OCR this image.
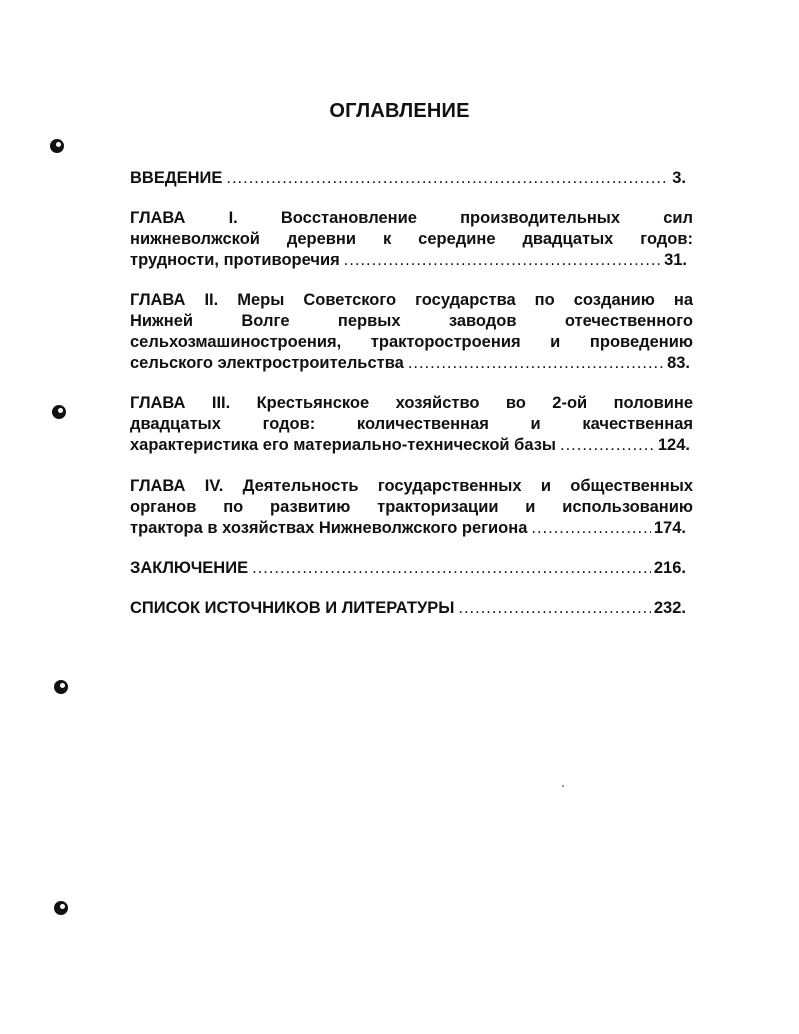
ОГЛАВЛЕНИЕ
ВВЕДЕНИЕ .....	3.
ГЛАВА I. Восстановление производительных сил
нижневолжской деревни к середине двадцатых годов:
трудности, противоречия .....	31.
ГЛАВА II. Меры Советского государства по созданию на
Нижней Волге первых заводов отечественного
сельхозмашиностроения, тракторостроения и проведению
сельского электростроительства .....	83.
ГЛАВА III. Крестьянское хозяйство во 2-ой половине
двадцатых годов: количественная и качественная
характеристика его материально-технической базы .....	124.
ГЛАВА IV. Деятельность государственных и общественных
органов по развитию тракторизации и использованию
трактора в хозяйствах Нижневолжского региона .....	174.
ЗАКЛЮЧЕНИЕ .....	216.
СПИСОК ИСТОЧНИКОВ И ЛИТЕРАТУРЫ .....	232.
